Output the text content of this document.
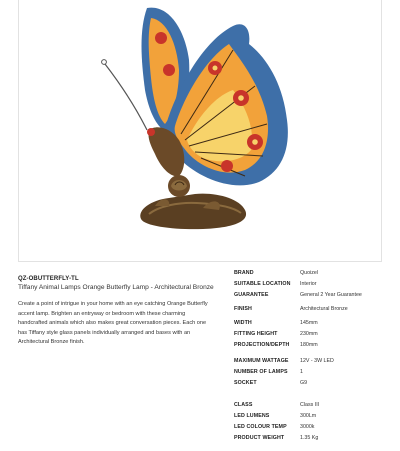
QZ-OBUTTERFLY-TL
Tiffany Animal Lamps Orange Butterfly Lamp - Architectural Bronze
Create a point of intrigue in your home with an eye catching Orange Butterfly accent lamp. Brighten an entryway or bedroom with these charming handcrafted animals which also makes great conversation pieces. Each one has Tiffany style glass panels individually arranged and bases with an Architectural Bronze finish.
BRAND	Quoizel
SUITABLE LOCATION Interior
GUARANTEE	General 2 Year Guarantee
FINISH	Architectural Bronze
WIDTH	145mm
FITTING HEIGHT	230mm
PROJECTION/DEPTH 180mm
MAXIMUM WATTAGE 12V - 3W LED
NUMBER OF LAMPS 1
SOCKET	G9
CLASS	Class III
LED LUMENS	300Lm
LED COLOUR TEMP	3000k
PRODUCT WEIGHT	1.35 Kg
